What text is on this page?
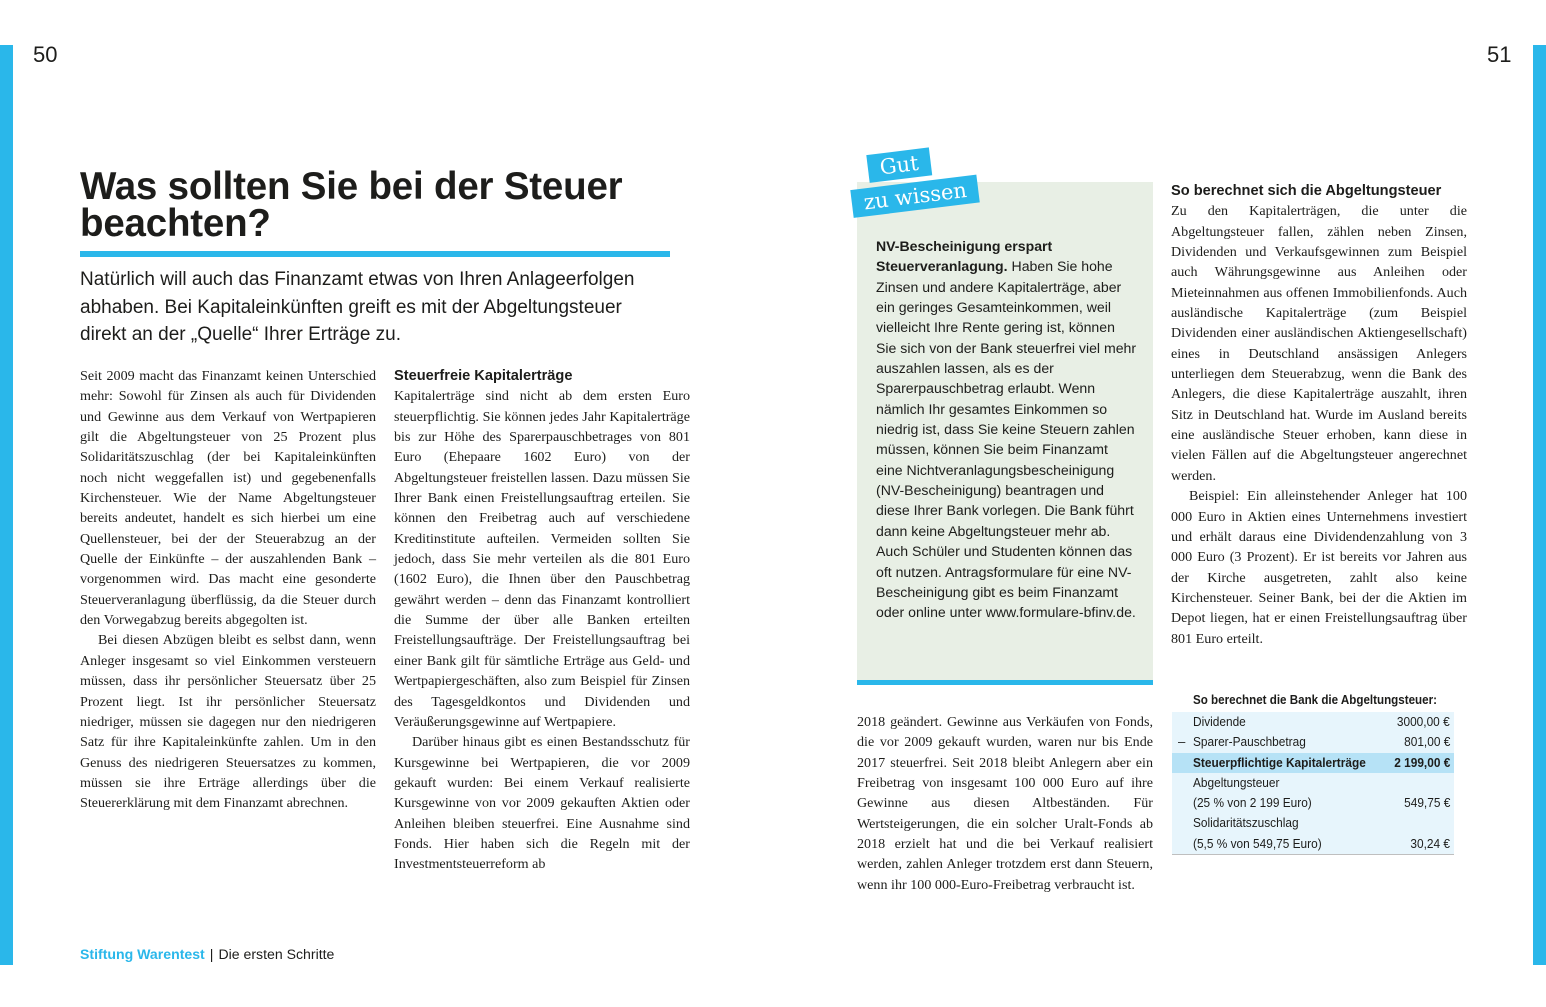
50	51
Was sollten Sie bei der Steuer beachten?

Natürlich will auch das Finanzamt etwas von Ihren Anlageerfolgen abhaben. Bei Kapitaleinkünften greift es mit der Abgeltungsteuer direkt an der „Quelle“ Ihrer Erträge zu.

Seit 2009 macht das Finanzamt keinen Unterschied mehr: Sowohl für Zinsen als auch für Dividenden und Gewinne aus dem Verkauf von Wertpapieren gilt die Abgeltungsteuer von 25 Prozent plus Solidaritätszuschlag (der bei Kapitaleinkünften noch nicht weggefallen ist) und gegebenenfalls Kirchensteuer. Wie der Name Abgeltungsteuer bereits andeutet, handelt es sich hierbei um eine Quellensteuer, bei der der Steuerabzug an der Quelle der Einkünfte – der auszahlenden Bank – vorgenommen wird. Das macht eine gesonderte Steuerveranlagung überflüssig, da die Steuer durch den Vorwegabzug bereits abgegolten ist.

Bei diesen Abzügen bleibt es selbst dann, wenn Anleger insgesamt so viel Einkommen versteuern müssen, dass ihr persönlicher Steuersatz über 25 Prozent liegt. Ist ihr persönlicher Steuersatz niedriger, müssen sie dagegen nur den niedrigeren Satz für ihre Kapitaleinkünfte zahlen. Um in den Genuss des niedrigeren Steuersatzes zu kommen, müssen sie ihre Erträge allerdings über die Steuererklärung mit dem Finanzamt abrechnen.

Steuerfreie Kapitalerträge

Kapitalerträge sind nicht ab dem ersten Euro steuerpflichtig. Sie können jedes Jahr Kapitalerträge bis zur Höhe des Sparerpauschbetrages von 801 Euro (Ehepaare 1602 Euro) von der Abgeltungsteuer freistellen lassen. Dazu müssen Sie Ihrer Bank einen Freistellungsauftrag erteilen. Sie können den Freibetrag auch auf verschiedene Kreditinstitute aufteilen. Vermeiden sollten Sie jedoch, dass Sie mehr verteilen als die 801 Euro (1602 Euro), die Ihnen über den Pauschbetrag gewährt werden – denn das Finanzamt kontrolliert die Summe der über alle Banken erteilten Freistellungsaufträge. Der Freistellungsauftrag bei einer Bank gilt für sämtliche Erträge aus Geld- und Wertpapiergeschäften, also zum Beispiel für Zinsen des Tagesgeldkontos und Dividenden und Veräußerungsgewinne auf Wertpapiere.

Darüber hinaus gibt es einen Bestandsschutz für Kursgewinne bei Wertpapieren, die vor 2009 gekauft wurden: Bei einem Verkauf realisierte Kursgewinne von vor 2009 gekauften Aktien oder Anleihen bleiben steuerfrei. Eine Ausnahme sind Fonds. Hier haben sich die Regeln mit der Investmentsteuerreform ab

Stiftung Warentest | Die ersten Schritte
Gut
zu wissen
NV-Bescheinigung erspart Steuerveranlagung. Haben Sie hohe Zinsen und andere Kapitalerträge, aber ein geringes Gesamteinkommen, weil vielleicht Ihre Rente gering ist, können Sie sich von der Bank steuerfrei viel mehr auszahlen lassen, als es der Sparerpauschbetrag erlaubt. Wenn nämlich Ihr gesamtes Einkommen so niedrig ist, dass Sie keine Steuern zahlen müssen, können Sie beim Finanzamt eine Nichtveranlagungsbescheinigung (NV-Bescheinigung) beantragen und diese Ihrer Bank vorlegen. Die Bank führt dann keine Abgeltungsteuer mehr ab. Auch Schüler und Studenten können das oft nutzen. Antragsformulare für eine NV-Bescheinigung gibt es beim Finanzamt oder online unter www.formulare-bfinv.de.

2018 geändert. Gewinne aus Verkäufen von Fonds, die vor 2009 gekauft wurden, waren nur bis Ende 2017 steuerfrei. Seit 2018 bleibt Anlegern aber ein Freibetrag von insgesamt 100 000 Euro auf ihre Gewinne aus diesen Altbeständen. Für Wertsteigerungen, die ein solcher Uralt-Fonds ab 2018 erzielt hat und die bei Verkauf realisiert werden, zahlen Anleger trotzdem erst dann Steuern, wenn ihr 100 000-Euro-Freibetrag verbraucht ist.

So berechnet sich die Abgeltungsteuer

Zu den Kapitalerträgen, die unter die Abgeltungsteuer fallen, zählen neben Zinsen, Dividenden und Verkaufsgewinnen zum Beispiel auch Währungsgewinne aus Anleihen oder Mieteinnahmen aus offenen Immobilienfonds. Auch ausländische Kapitalerträge (zum Beispiel Dividenden einer ausländischen Aktiengesellschaft) eines in Deutschland ansässigen Anlegers unterliegen dem Steuerabzug, wenn die Bank des Anlegers, die diese Kapitalerträge auszahlt, ihren Sitz in Deutschland hat. Wurde im Ausland bereits eine ausländische Steuer erhoben, kann diese in vielen Fällen auf die Abgeltungsteuer angerechnet werden.

Beispiel: Ein alleinstehender Anleger hat 100 000 Euro in Aktien eines Unternehmens investiert und erhält daraus eine Dividendenzahlung von 3 000 Euro (3 Prozent). Er ist bereits vor Jahren aus der Kirche ausgetreten, zahlt also keine Kirchensteuer. Seiner Bank, bei der die Aktien im Depot liegen, hat er einen Freistellungsauftrag über 801 Euro erteilt.

So berechnet die Bank die Abgeltungsteuer:
Dividende	3000,00 €
– Sparer-Pauschbetrag	801,00 €
Steuerpflichtige Kapitalerträge 2 199,00 €
Abgeltungsteuer
(25 % von 2 199 Euro)	549,75 €
Solidaritätszuschlag
(5,5 % von 549,75 Euro)	30,24 €
